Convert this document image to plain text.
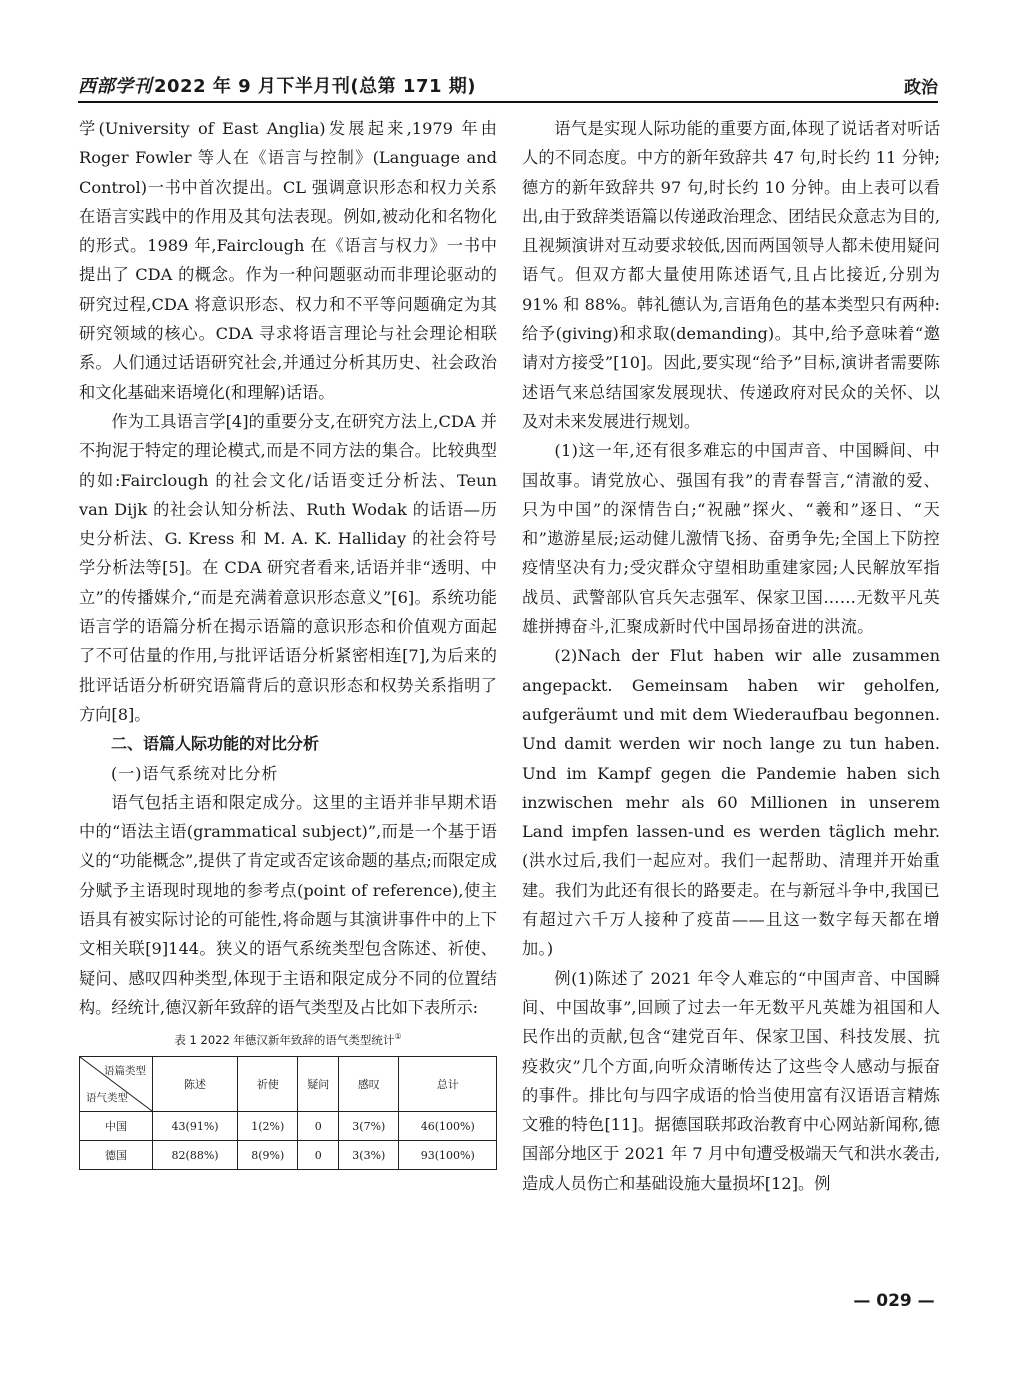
西部学刊 2022 年 9 月下半月刊(总第 171 期)	政治

学(University of East Anglia)发展起来,1979 年由 Roger Fowler 等人在《语言与控制》(Language and Control)一书中首次提出。CL 强调意识形态和权力关系在语言实践中的作用及其句法表现。例如,被动化和名物化的形式。1989 年,Fairclough 在《语言与权力》一书中提出了 CDA 的概念。作为一种问题驱动而非理论驱动的研究过程,CDA 将意识形态、权力和不平等问题确定为其研究领域的核心。CDA 寻求将语言理论与社会理论相联系。人们通过话语研究社会,并通过分析其历史、社会政治和文化基础来语境化(和理解)话语。

作为工具语言学[4]的重要分支,在研究方法上,CDA 并不拘泥于特定的理论模式,而是不同方法的集合。比较典型的如:Fairclough 的社会文化/话语变迁分析法、Teun van Dijk 的社会认知分析法、Ruth Wodak 的话语—历史分析法、G. Kress 和 M. A. K. Halliday 的社会符号学分析法等[5]。在 CDA 研究者看来,话语并非“透明、中立”的传播媒介,“而是充满着意识形态意义”[6]。系统功能语言学的语篇分析在揭示语篇的意识形态和价值观方面起了不可估量的作用,与批评话语分析紧密相连[7],为后来的批评话语分析研究语篇背后的意识形态和权势关系指明了方向[8]。

二、语篇人际功能的对比分析
(一)语气系统对比分析

语气包括主语和限定成分。这里的主语并非早期术语中的“语法主语(grammatical subject)”,而是一个基于语义的“功能概念”,提供了肯定或否定该命题的基点;而限定成分赋予主语现时现地的参考点(point of reference),使主语具有被实际讨论的可能性,将命题与其演讲事件中的上下文相关联[9]144。狭义的语气系统类型包含陈述、祈使、疑问、感叹四种类型,体现于主语和限定成分不同的位置结构。经统计,德汉新年致辞的语气类型及占比如下表所示:

表 1 2022 年德汉新年致辞的语气类型统计①
语篇类型
语气类型	陈述	祈使	疑问	感叹	总计
中国	43(91%)	1(2%)	0	3(7%)	46(100%)
德国	82(88%)	8(9%)	0	3(3%)	93(100%)

语气是实现人际功能的重要方面,体现了说话者对听话人的不同态度。中方的新年致辞共 47 句,时长约 11 分钟;德方的新年致辞共 97 句,时长约 10 分钟。由上表可以看出,由于致辞类语篇以传递政治理念、团结民众意志为目的,且视频演讲对互动要求较低,因而两国领导人都未使用疑问语气。但双方都大量使用陈述语气,且占比接近,分别为 91% 和 88%。韩礼德认为,言语角色的基本类型只有两种:给予(giving)和求取(demanding)。其中,给予意味着“邀请对方接受”[10]。因此,要实现“给予”目标,演讲者需要陈述语气来总结国家发展现状、传递政府对民众的关怀、以及对未来发展进行规划。

(1)这一年,还有很多难忘的中国声音、中国瞬间、中国故事。请党放心、强国有我”的青春誓言,“清澈的爱、只为中国”的深情告白;“祝融”探火、“羲和”逐日、“天和”遨游星辰;运动健儿激情飞扬、奋勇争先;全国上下防控疫情坚决有力;受灾群众守望相助重建家园;人民解放军指战员、武警部队官兵矢志强军、保家卫国……无数平凡英雄拼搏奋斗,汇聚成新时代中国昂扬奋进的洪流。

(2)Nach der Flut haben wir alle zusammen angepackt. Gemeinsam haben wir geholfen, aufgeräumt und mit dem Wiederaufbau begonnen. Und damit werden wir noch lange zu tun haben. Und im Kampf gegen die Pandemie haben sich inzwischen mehr als 60 Millionen in unserem Land impfen lassen-und es werden täglich mehr.(洪水过后,我们一起应对。我们一起帮助、清理并开始重建。我们为此还有很长的路要走。在与新冠斗争中,我国已有超过六千万人接种了疫苗——且这一数字每天都在增加。)

例(1)陈述了 2021 年令人难忘的“中国声音、中国瞬间、中国故事”,回顾了过去一年无数平凡英雄为祖国和人民作出的贡献,包含“建党百年、保家卫国、科技发展、抗疫救灾”几个方面,向听众清晰传达了这些令人感动与振奋的事件。排比句与四字成语的恰当使用富有汉语语言精炼文雅的特色[11]。据德国联邦政治教育中心网站新闻称,德国部分地区于 2021 年 7 月中旬遭受极端天气和洪水袭击,造成人员伤亡和基础设施大量损坏[12]。例

— 029 —
